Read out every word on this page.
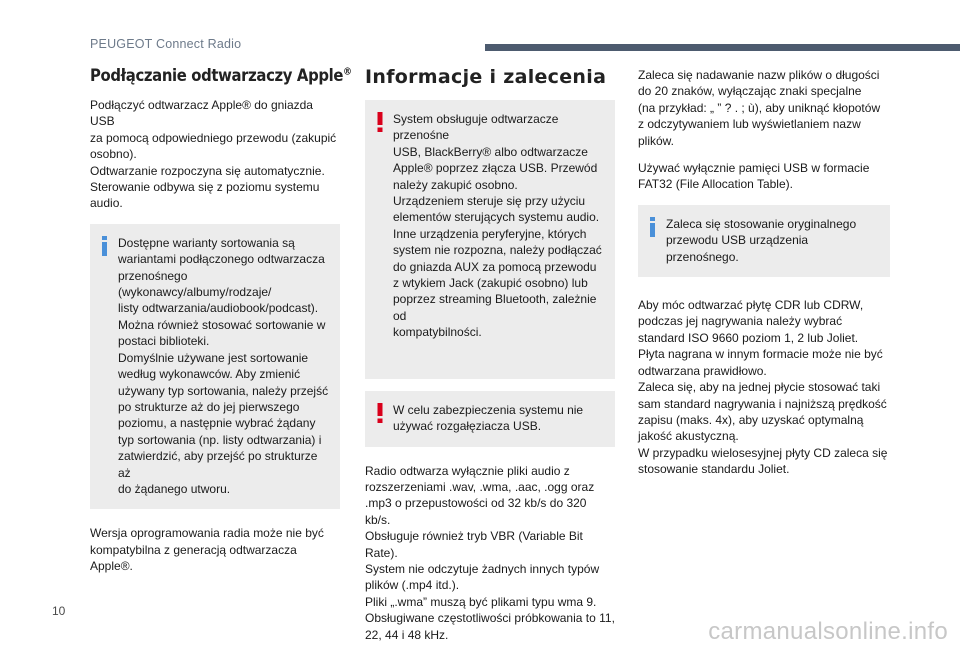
PEUGEOT Connect Radio
Podłączanie odtwarzaczy Apple®

Podłączyć odtwarzacz Apple® do gniazda USB
za pomocą odpowiedniego przewodu (zakupić
osobno).
Odtwarzanie rozpoczyna się automatycznie.
Sterowanie odbywa się z poziomu systemu
audio.

Dostępne warianty sortowania są
wariantami podłączonego odtwarzacza
przenośnego (wykonawcy/albumy/rodzaje/
listy odtwarzania/audiobook/podcast).
Można również stosować sortowanie w
postaci biblioteki.
Domyślnie używane jest sortowanie
według wykonawców. Aby zmienić
używany typ sortowania, należy przejść
po strukturze aż do jej pierwszego
poziomu, a następnie wybrać żądany
typ sortowania (np. listy odtwarzania) i
zatwierdzić, aby przejść po strukturze aż
do żądanego utworu.

Wersja oprogramowania radia może nie być
kompatybilna z generacją odtwarzacza Apple®.

Informacje i zalecenia

System obsługuje odtwarzacze przenośne
USB, BlackBerry® albo odtwarzacze
Apple® poprzez złącza USB. Przewód
należy zakupić osobno.
Urządzeniem steruje się przy użyciu
elementów sterujących systemu audio.
Inne urządzenia peryferyjne, których
system nie rozpozna, należy podłączać
do gniazda AUX za pomocą przewodu
z wtykiem Jack (zakupić osobno) lub
poprzez streaming Bluetooth, zależnie od
kompatybilności.

W celu zabezpieczenia systemu nie
używać rozgałęziacza USB.

Radio odtwarza wyłącznie pliki audio z
rozszerzeniami .wav, .wma, .aac, .ogg oraz
.mp3 o przepustowości od 32 kb/s do 320 kb/s.
Obsługuje również tryb VBR (Variable Bit
Rate).
System nie odczytuje żadnych innych typów
plików (.mp4 itd.).
Pliki „.wma” muszą być plikami typu wma 9.
Obsługiwane częstotliwości próbkowania to 11,
22, 44 i 48 kHz.

Zaleca się nadawanie nazw plików o długości
do 20 znaków, wyłączając znaki specjalne
(na przykład: „ ” ? . ; ù), aby uniknąć kłopotów
z odczytywaniem lub wyświetlaniem nazw
plików.

Używać wyłącznie pamięci USB w formacie
FAT32 (File Allocation Table).

Zaleca się stosowanie oryginalnego
przewodu USB urządzenia przenośnego.

Aby móc odtwarzać płytę CDR lub CDRW,
podczas jej nagrywania należy wybrać
standard ISO 9660 poziom 1, 2 lub Joliet.
Płyta nagrana w innym formacie może nie być
odtwarzana prawidłowo.
Zaleca się, aby na jednej płycie stosować taki
sam standard nagrywania i najniższą prędkość
zapisu (maks. 4x), aby uzyskać optymalną
jakość akustyczną.
W przypadku wielosesyjnej płyty CD zaleca się
stosowanie standardu Joliet.

10
carmanualsonline.info
